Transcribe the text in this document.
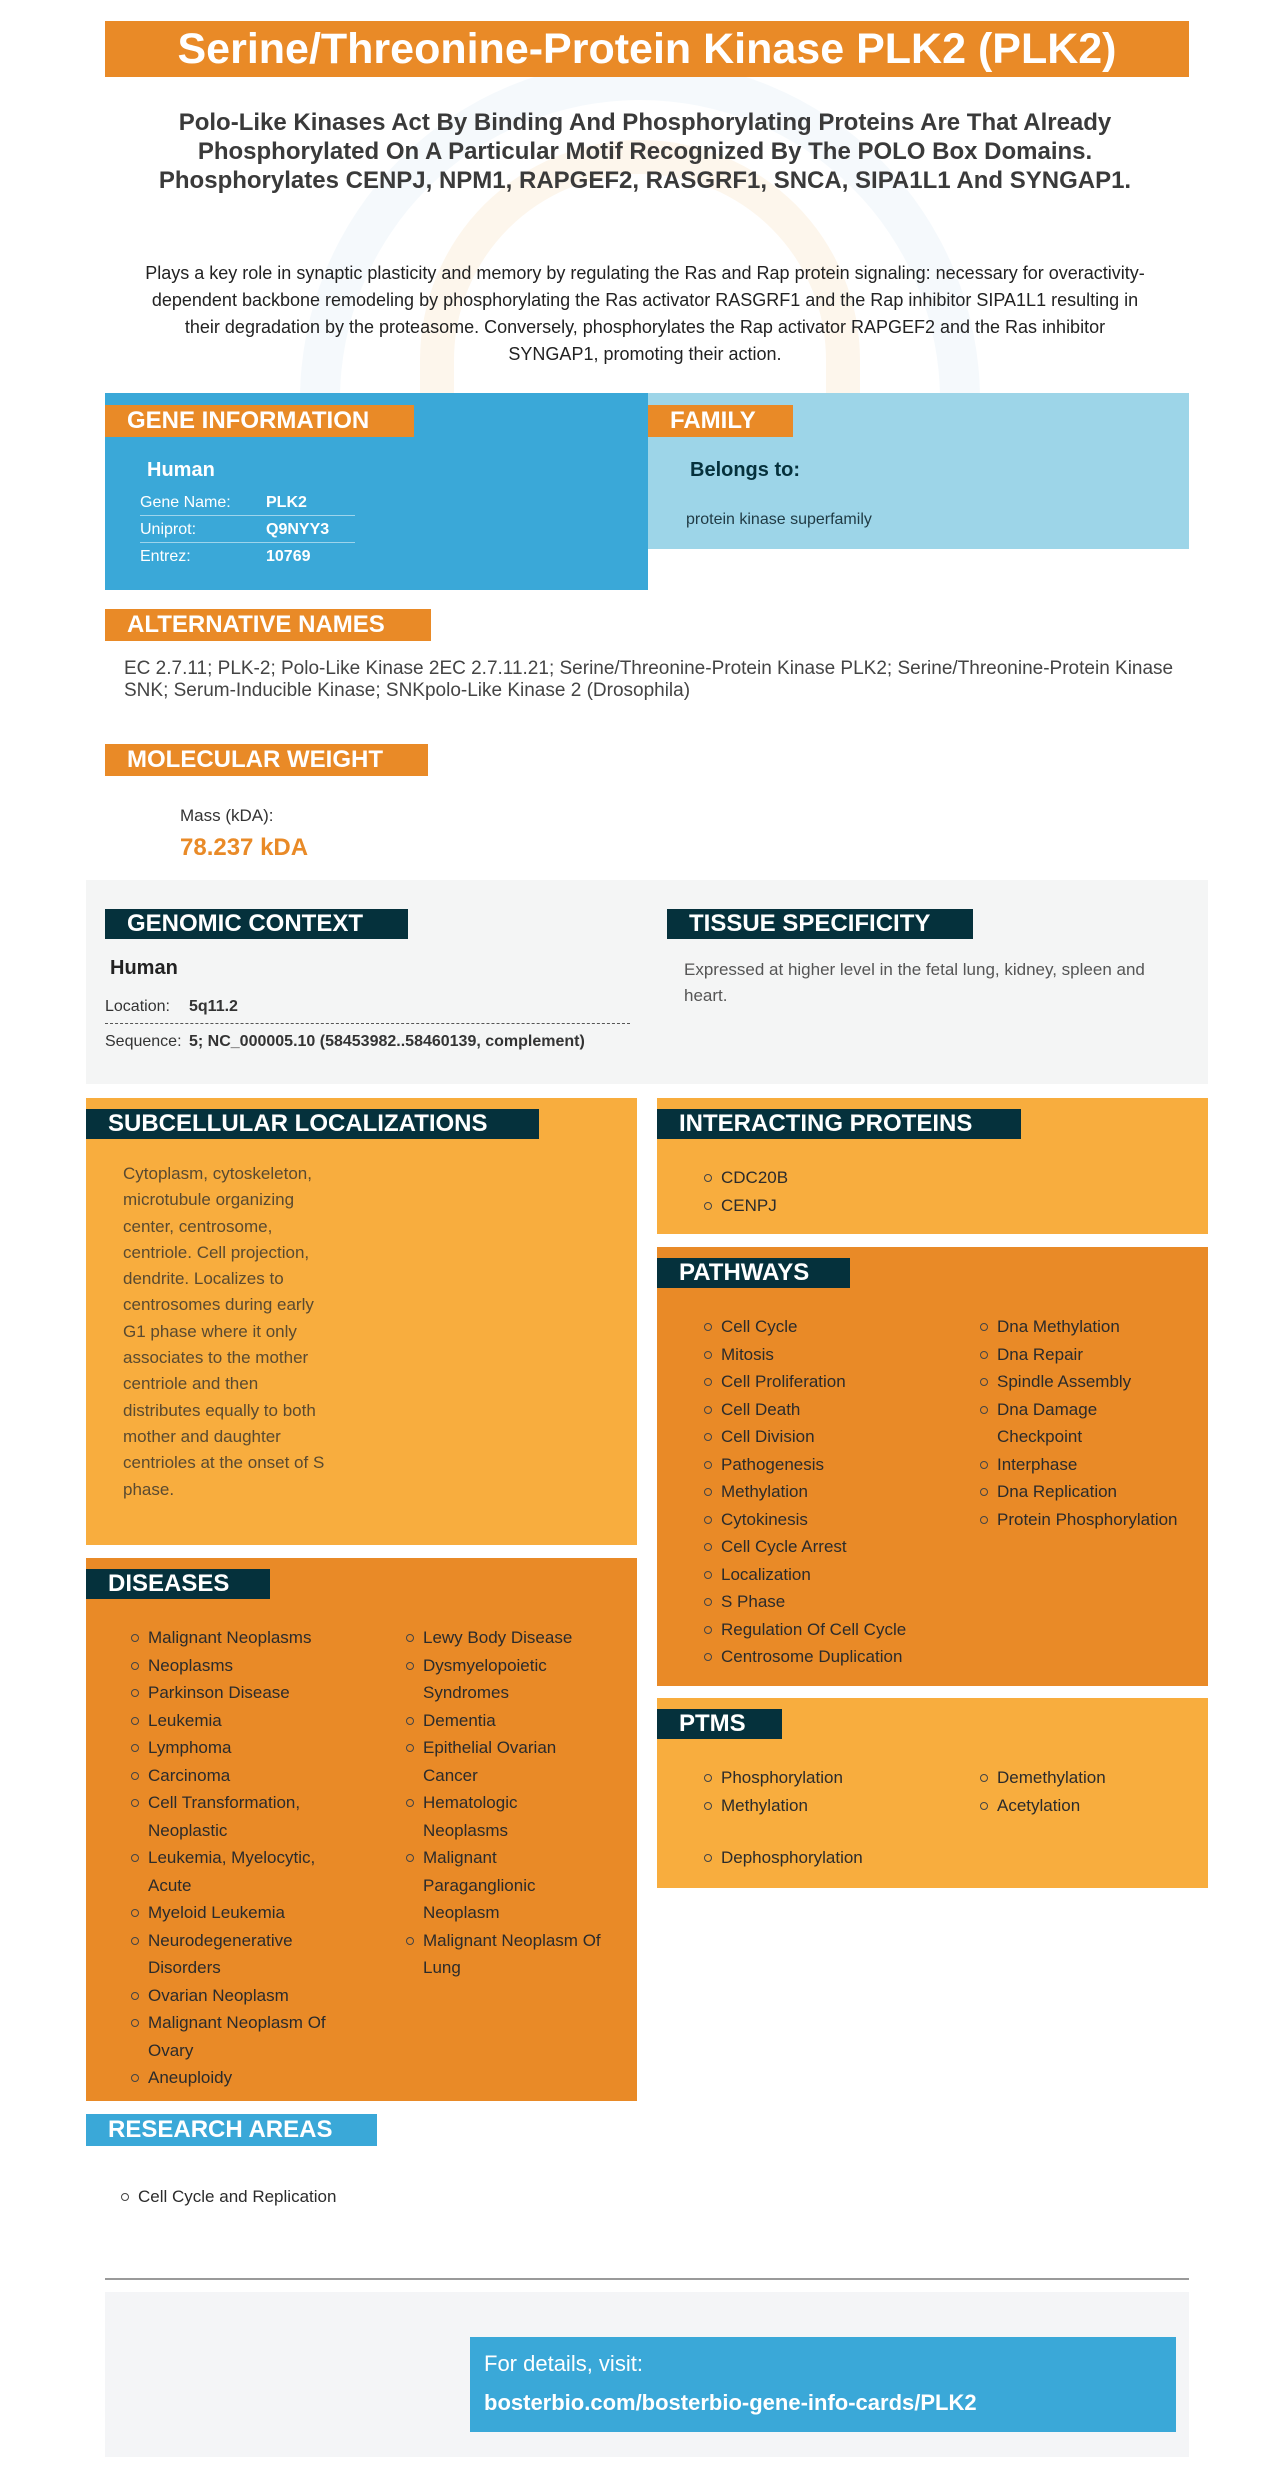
Serine/Threonine-Protein Kinase PLK2 (PLK2)
Polo-Like Kinases Act By Binding And Phosphorylating Proteins Are That Already Phosphorylated On A Particular Motif Recognized By The POLO Box Domains. Phosphorylates CENPJ, NPM1, RAPGEF2, RASGRF1, SNCA, SIPA1L1 And SYNGAP1.
Plays a key role in synaptic plasticity and memory by regulating the Ras and Rap protein signaling: necessary for overactivity-dependent backbone remodeling by phosphorylating the Ras activator RASGRF1 and the Rap inhibitor SIPA1L1 resulting in their degradation by the proteasome. Conversely, phosphorylates the Rap activator RAPGEF2 and the Ras inhibitor SYNGAP1, promoting their action.
Human
Gene Name: PLK2
Uniprot:	Q9NYY3
Entrez:	10769
GENE INFORMATION
Belongs to:
protein kinase superfamily
FAMILY
ALTERNATIVE NAMES
EC 2.7.11; PLK-2; Polo-Like Kinase 2EC 2.7.11.21; Serine/Threonine-Protein Kinase PLK2; Serine/Threonine-Protein Kinase SNK; Serum-Inducible Kinase; SNKpolo-Like Kinase 2 (Drosophila)
MOLECULAR WEIGHT
Mass (kDA):
78.237 kDA
GENOMIC CONTEXT
Human
Location: 5q11.2
Sequence: 5; NC_000005.10 (58453982..58460139, complement)
TISSUE SPECIFICITY
Expressed at higher level in the fetal lung, kidney, spleen and heart.
Cytoplasm, cytoskeleton, microtubule organizing center, centrosome, centriole. Cell projection, dendrite. Localizes to centrosomes during early G1 phase where it only associates to the mother centriole and then distributes equally to both mother and daughter centrioles at the onset of S phase.
SUBCELLULAR LOCALIZATIONS
CDC20B
CENPJ
INTERACTING PROTEINS
Cell Cycle
Mitosis
Cell Proliferation
Cell Death
Cell Division
Pathogenesis
Methylation
Cytokinesis
Cell Cycle Arrest
Localization
S Phase
Regulation Of Cell Cycle
Centrosome Duplication
Dna Methylation
Dna Repair
Spindle Assembly
Dna Damage Checkpoint
Interphase
Dna Replication
Protein Phosphorylation
PATHWAYS
Phosphorylation
Methylation
Dephosphorylation
Demethylation
Acetylation
PTMS
Malignant Neoplasms
Neoplasms
Parkinson Disease
Leukemia
Lymphoma
Carcinoma
Cell Transformation, Neoplastic
Leukemia, Myelocytic, Acute
Myeloid Leukemia
Neurodegenerative Disorders
Ovarian Neoplasm
Malignant Neoplasm Of Ovary
Aneuploidy
Lewy Body Disease
Dysmyelopoietic Syndromes
Dementia
Epithelial Ovarian Cancer
Hematologic Neoplasms
Malignant Paraganglionic Neoplasm
Malignant Neoplasm Of Lung
DISEASES
RESEARCH AREAS
Cell Cycle and Replication
For details, visit:
bosterbio.com/bosterbio-gene-info-cards/PLK2
